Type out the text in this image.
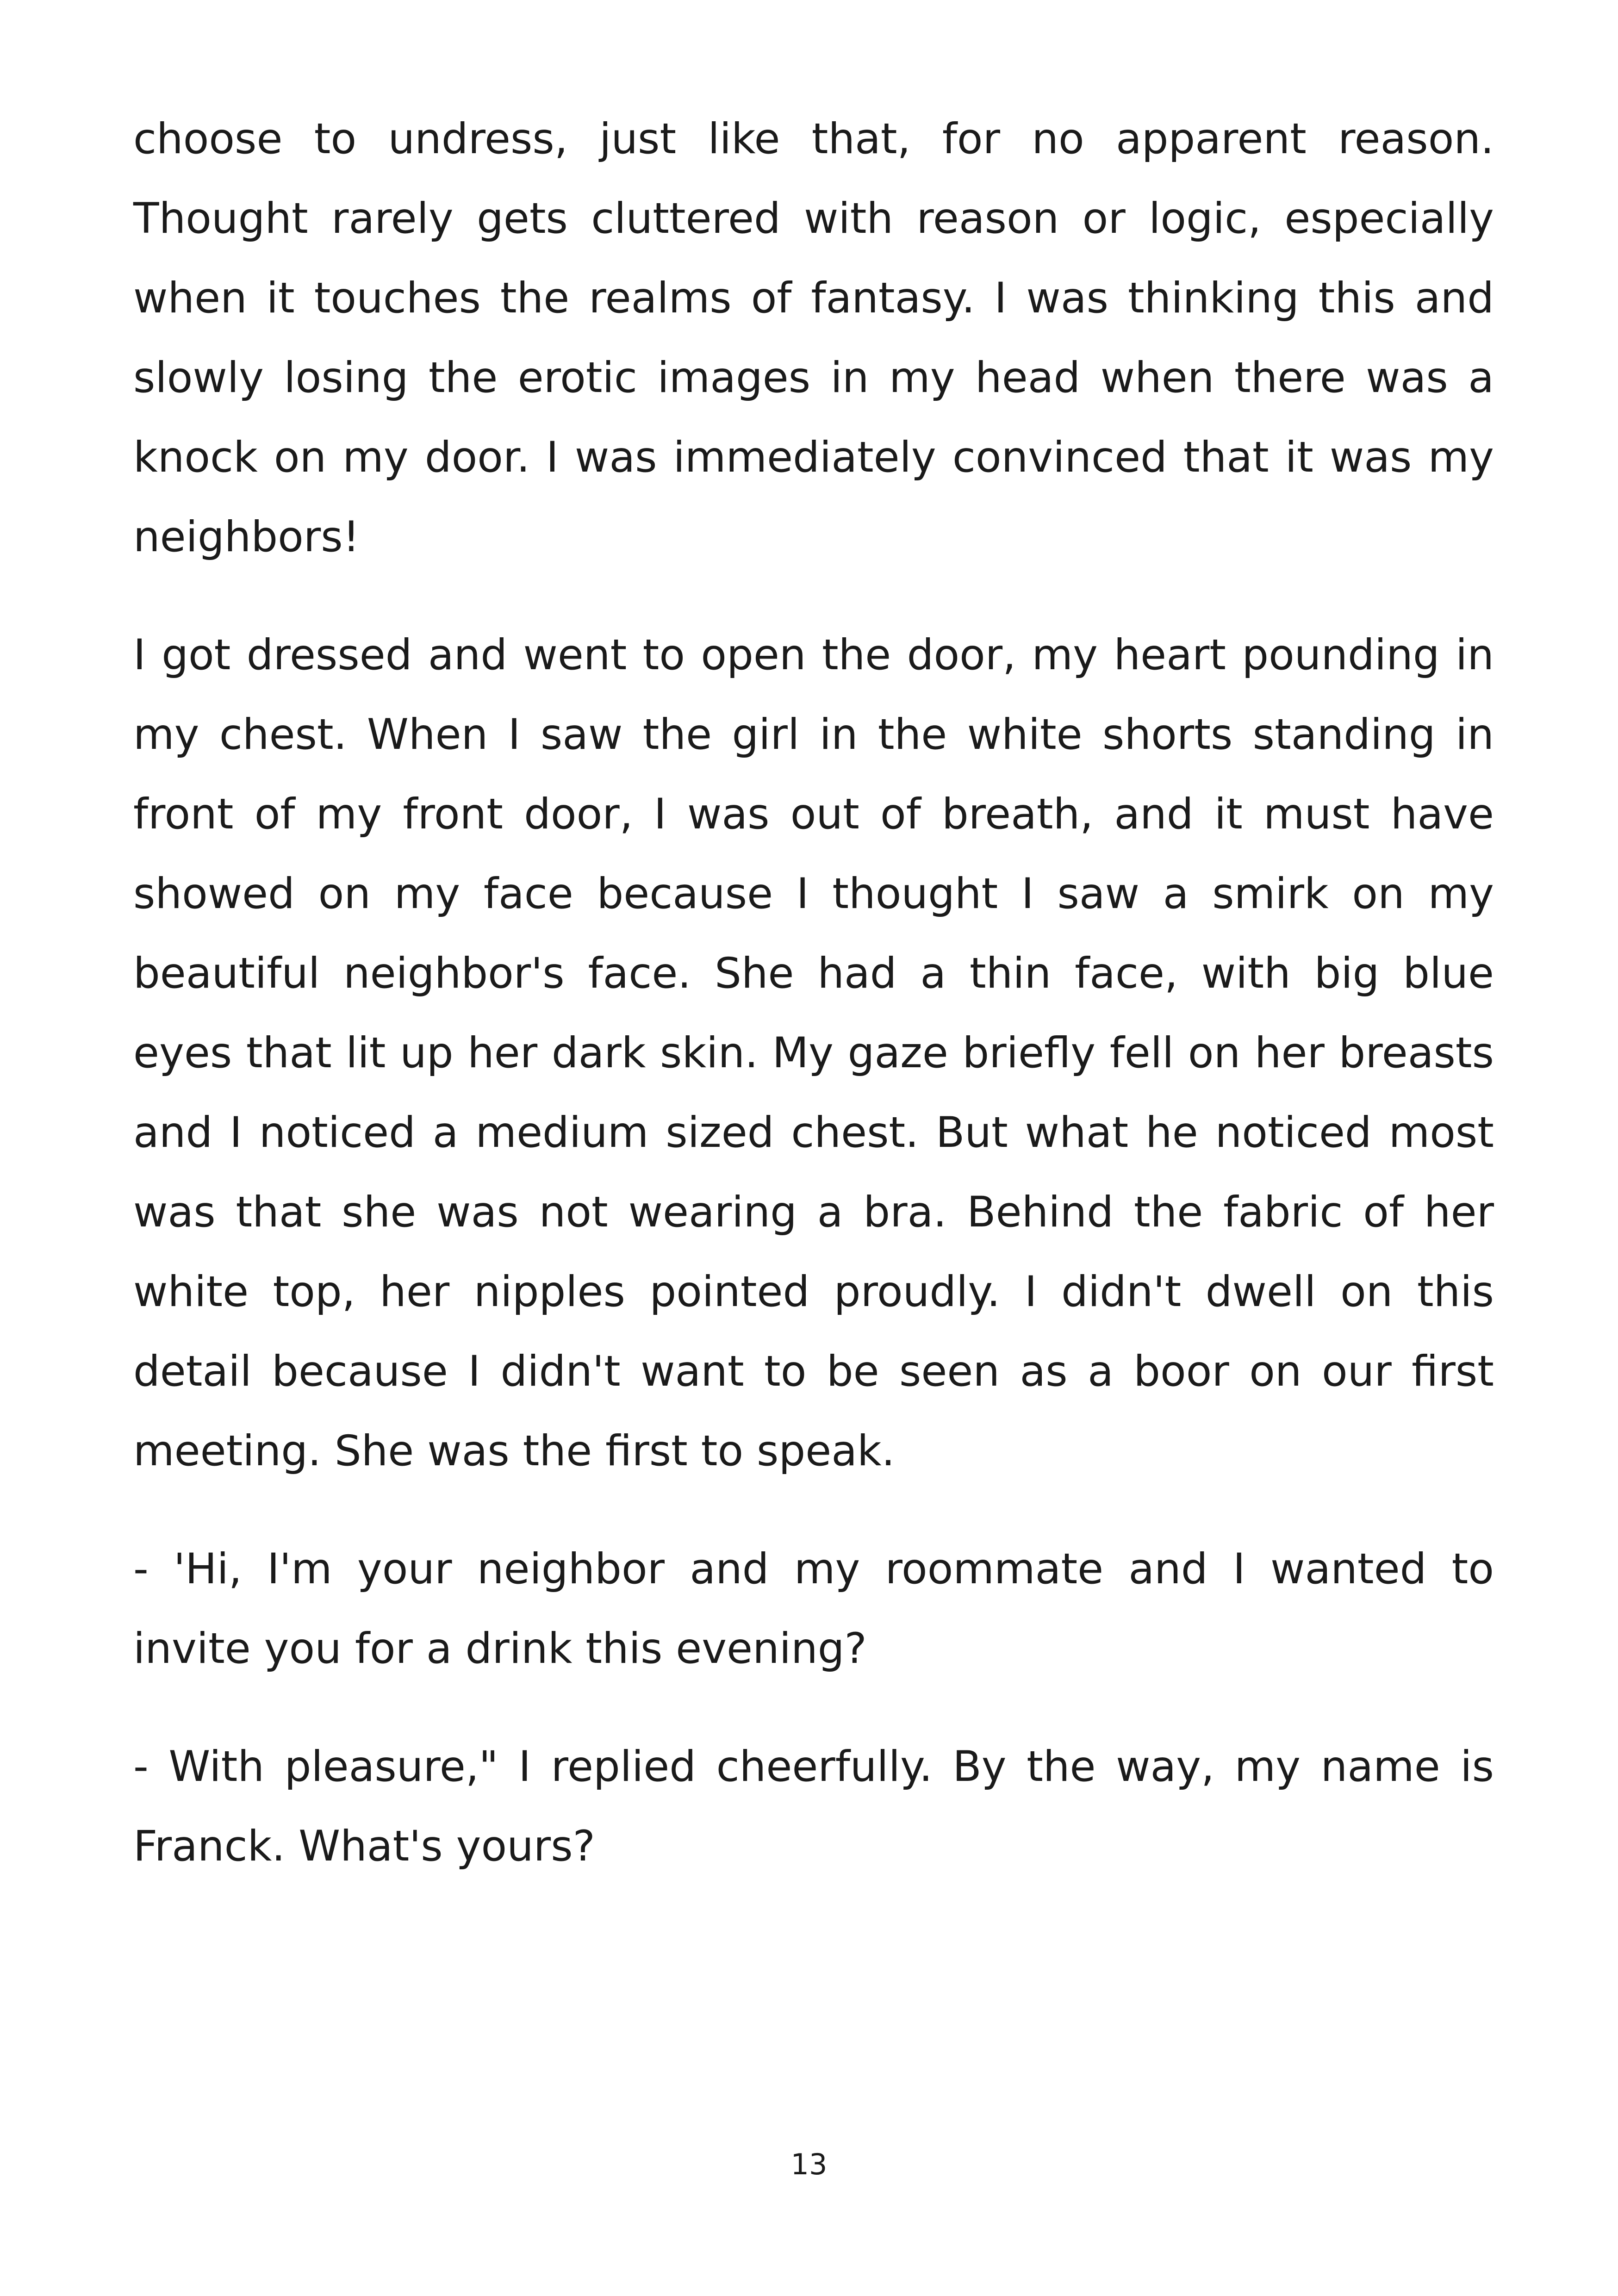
choose to undress, just like that, for no apparent reason. Thought rarely gets cluttered with reason or logic, especially when it touches the realms of fantasy. I was thinking this and slowly losing the erotic images in my head when there was a knock on my door. I was immediately convinced that it was my neighbors!

I got dressed and went to open the door, my heart pounding in my chest. When I saw the girl in the white shorts standing in front of my front door, I was out of breath, and it must have showed on my face because I thought I saw a smirk on my beautiful neighbor's face. She had a thin face, with big blue eyes that lit up her dark skin. My gaze briefly fell on her breasts and I noticed a medium sized chest. But what he noticed most was that she was not wearing a bra. Behind the fabric of her white top, her nipples pointed proudly. I didn't dwell on this detail because I didn't want to be seen as a boor on our first meeting. She was the first to speak.

- 'Hi, I'm your neighbor and my roommate and I wanted to invite you for a drink this evening?

- With pleasure," I replied cheerfully. By the way, my name is Franck. What's yours?

13
